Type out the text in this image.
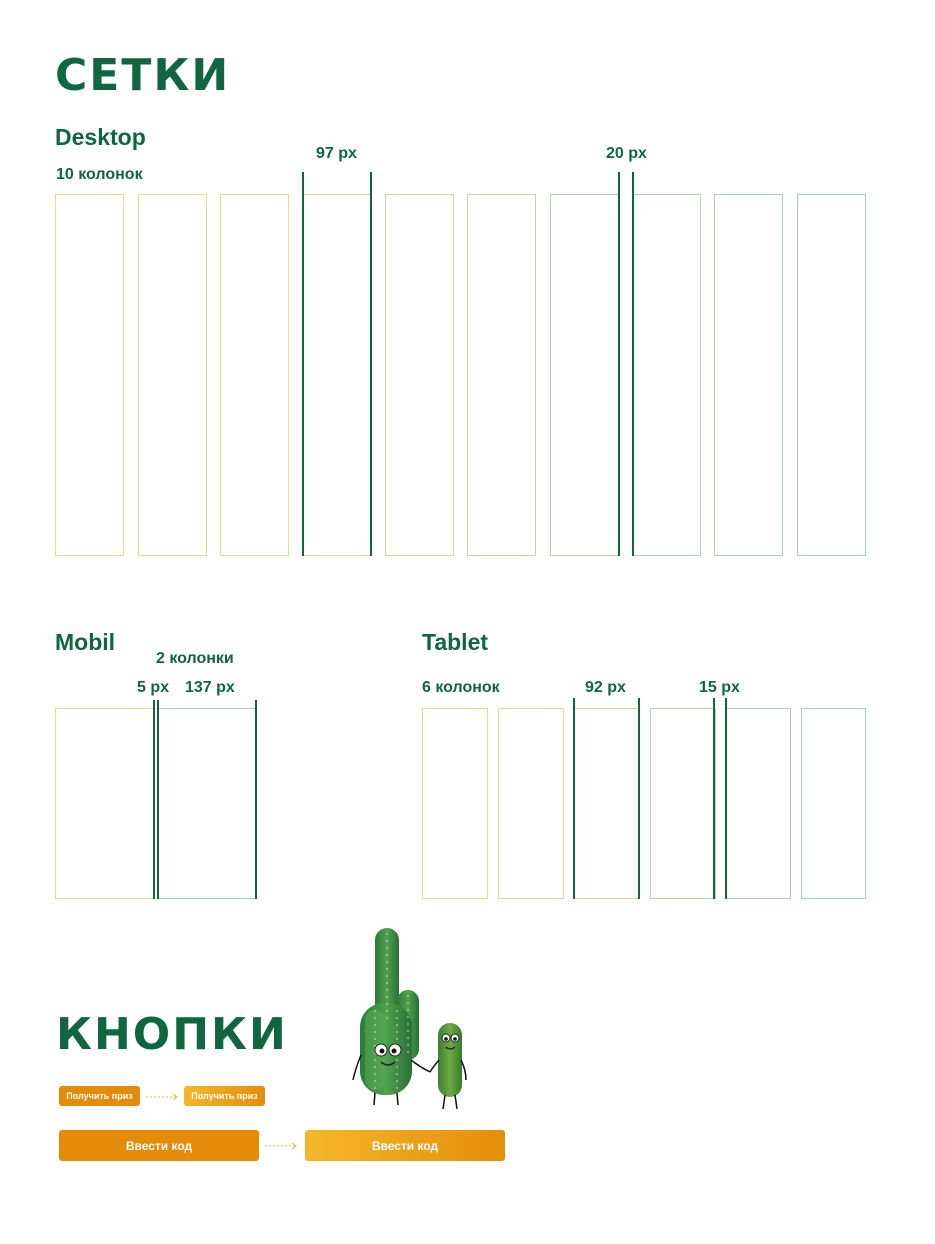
СЕТКИ
Desktop
10 колонок
97 px	20 px
Mobil
2 колонки
5 px 137 px
Tablet
6 колонок	92 px	15 px
КНОПКИ
Получить приз	Получить приз
Ввести код	Ввести код
